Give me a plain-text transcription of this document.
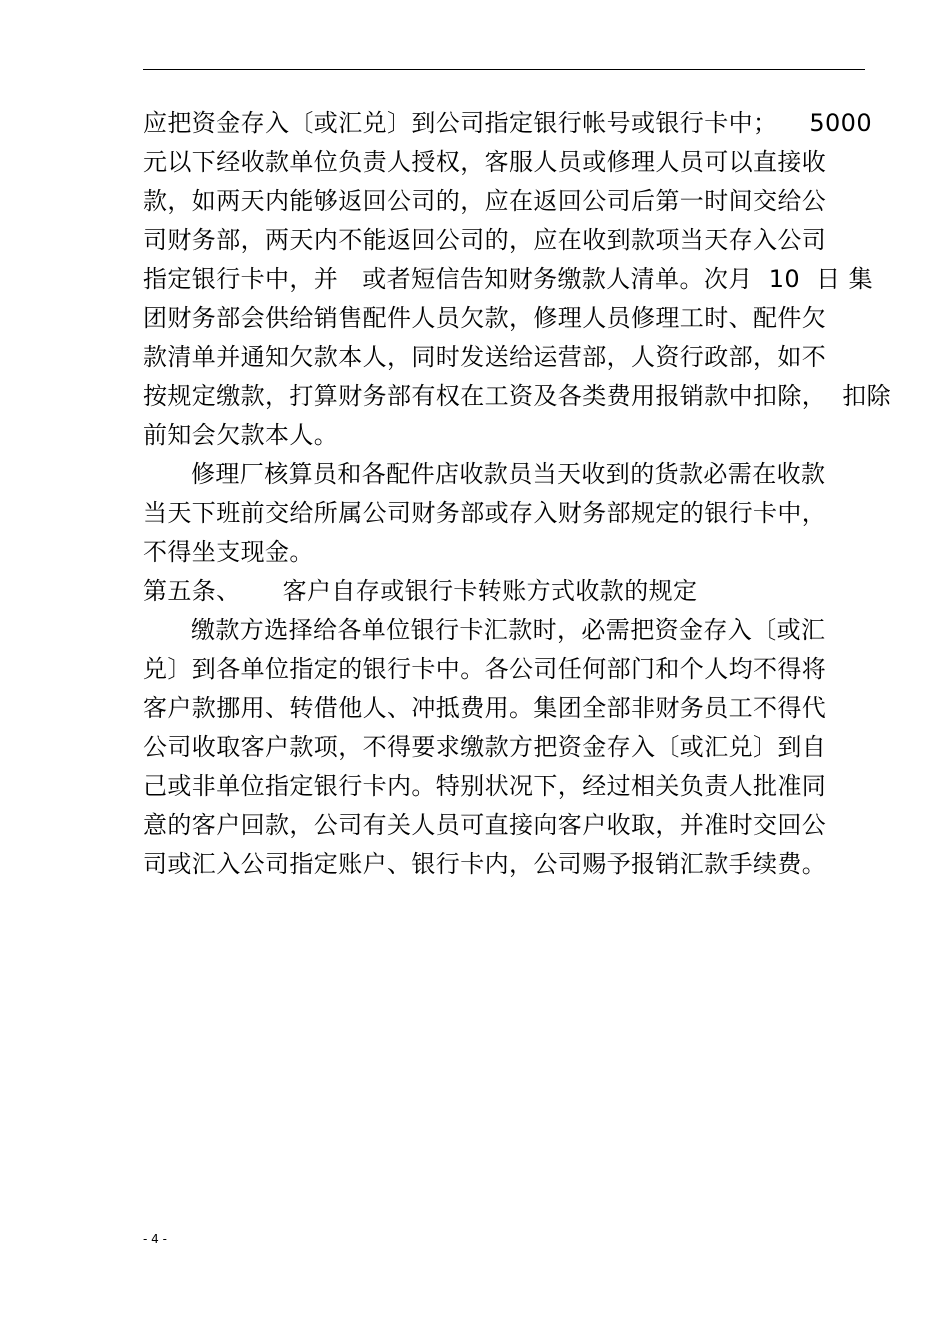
应把资金存入〔或汇兑〕到公司指定银行帐号或银行卡中； 5000
元以下经收款单位负责人授权，客服人员或修理人员可以直接收
款，如两天内能够返回公司的，应在返回公司后第一时间交给公
司财务部，两天内不能返回公司的，应在收到款项当天存入公司
指定银行卡中，并   或者短信告知财务缴款人清单。次月  10  日 集
团财务部会供给销售配件人员欠款，修理人员修理工时、配件欠
款清单并通知欠款本人，同时发送给运营部，人资行政部，如不
按规定缴款，打算财务部有权在工资及各类费用报销款中扣除，  扣除
前知会欠款本人。
修理厂核算员和各配件店收款员当天收到的货款必需在收款
当天下班前交给所属公司财务部或存入财务部规定的银行卡中，
不得坐支现金。
第五条、 客户自存或银行卡转账方式收款的规定
缴款方选择给各单位银行卡汇款时，必需把资金存入〔或汇
兑〕到各单位指定的银行卡中。各公司任何部门和个人均不得将
客户款挪用、转借他人、冲抵费用。集团全部非财务员工不得代
公司收取客户款项，不得要求缴款方把资金存入〔或汇兑〕到自
己或非单位指定银行卡内。特别状况下，经过相关负责人批准同
意的客户回款，公司有关人员可直接向客户收取，并准时交回公
司或汇入公司指定账户、银行卡内，公司赐予报销汇款手续费。
- 4 -
